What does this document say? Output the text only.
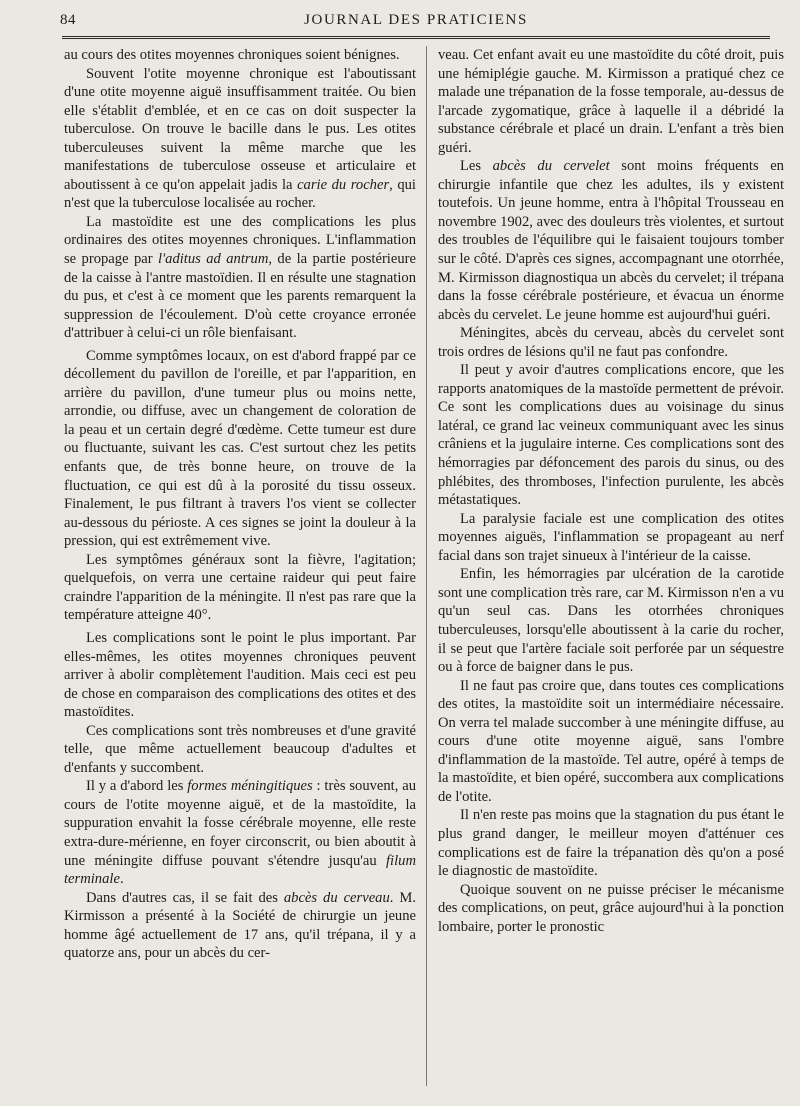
84	JOURNAL DES PRATICIENS

au cours des otites moyennes chroniques soient bénignes.

Souvent l'otite moyenne chronique est l'aboutissant d'une otite moyenne aiguë insuffisamment traitée. Ou bien elle s'établit d'emblée, et en ce cas on doit suspecter la tuberculose. On trouve le bacille dans le pus. Les otites tuberculeuses suivent la même marche que les manifestations de tuberculose osseuse et articulaire et aboutissent à ce qu'on appelait jadis la carie du rocher, qui n'est que la tuberculose localisée au rocher.

La mastoïdite est une des complications les plus ordinaires des otites moyennes chroniques. L'inflammation se propage par l'aditus ad antrum, de la partie postérieure de la caisse à l'antre mastoïdien. Il en résulte une stagnation du pus, et c'est à ce moment que les parents remarquent la suppression de l'écoulement. D'où cette croyance erronée d'attribuer à celui-ci un rôle bienfaisant.

Comme symptômes locaux, on est d'abord frappé par ce décollement du pavillon de l'oreille, et par l'apparition, en arrière du pavillon, d'une tumeur plus ou moins nette, arrondie, ou diffuse, avec un changement de coloration de la peau et un certain degré d'œdème. Cette tumeur est dure ou fluctuante, suivant les cas. C'est surtout chez les petits enfants que, de très bonne heure, on trouve de la fluctuation, ce qui est dû à la porosité du tissu osseux. Finalement, le pus filtrant à travers l'os vient se collecter au-dessous du périoste. A ces signes se joint la douleur à la pression, qui est extrêmement vive.

Les symptômes généraux sont la fièvre, l'agitation; quelquefois, on verra une certaine raideur qui peut faire craindre l'apparition de la méningite. Il n'est pas rare que la température atteigne 40°.

Les complications sont le point le plus important. Par elles-mêmes, les otites moyennes chroniques peuvent arriver à abolir complètement l'audition. Mais ceci est peu de chose en comparaison des complications des otites et des mastoïdites.

Ces complications sont très nombreuses et d'une gravité telle, que même actuellement beaucoup d'adultes et d'enfants y succombent.

Il y a d'abord les formes méningitiques : très souvent, au cours de l'otite moyenne aiguë, et de la mastoïdite, la suppuration envahit la fosse cérébrale moyenne, elle reste extra-dure-mérienne, en foyer circonscrit, ou bien aboutit à une méningite diffuse pouvant s'étendre jusqu'au filum terminale.

Dans d'autres cas, il se fait des abcès du cerveau. M. Kirmisson a présenté à la Société de chirurgie un jeune homme âgé actuellement de 17 ans, qu'il trépana, il y a quatorze ans, pour un abcès du cer-

veau. Cet enfant avait eu une mastoïdite du côté droit, puis une hémiplégie gauche. M. Kirmisson a pratiqué chez ce malade une trépanation de la fosse temporale, au-dessus de l'arcade zygomatique, grâce à laquelle il a débridé la substance cérébrale et placé un drain. L'enfant a très bien guéri.

Les abcès du cervelet sont moins fréquents en chirurgie infantile que chez les adultes, ils y existent toutefois. Un jeune homme, entra à l'hôpital Trousseau en novembre 1902, avec des douleurs très violentes, et surtout des troubles de l'équilibre qui le faisaient toujours tomber sur le côté. D'après ces signes, accompagnant une otorrhée, M. Kirmisson diagnostiqua un abcès du cervelet; il trépana dans la fosse cérébrale postérieure, et évacua un énorme abcès du cervelet. Le jeune homme est aujourd'hui guéri.

Méningites, abcès du cerveau, abcès du cervelet sont trois ordres de lésions qu'il ne faut pas confondre.

Il peut y avoir d'autres complications encore, que les rapports anatomiques de la mastoïde permettent de prévoir. Ce sont les complications dues au voisinage du sinus latéral, ce grand lac veineux communiquant avec les sinus crâniens et la jugulaire interne. Ces complications sont des hémorragies par défoncement des parois du sinus, ou des phlébites, des thromboses, l'infection purulente, les abcès métastatiques.

La paralysie faciale est une complication des otites moyennes aiguës, l'inflammation se propageant au nerf facial dans son trajet sinueux à l'intérieur de la caisse.

Enfin, les hémorragies par ulcération de la carotide sont une complication très rare, car M. Kirmisson n'en a vu qu'un seul cas. Dans les otorrhées chroniques tuberculeuses, lorsqu'elle aboutissent à la carie du rocher, il se peut que l'artère faciale soit perforée par un séquestre ou à force de baigner dans le pus.

Il ne faut pas croire que, dans toutes ces complications des otites, la mastoïdite soit un intermédiaire nécessaire. On verra tel malade succomber à une méningite diffuse, au cours d'une otite moyenne aiguë, sans l'ombre d'inflammation de la mastoïde. Tel autre, opéré à temps de la mastoïdite, et bien opéré, succombera aux complications de l'otite.

Il n'en reste pas moins que la stagnation du pus étant le plus grand danger, le meilleur moyen d'atténuer ces complications est de faire la trépanation dès qu'on a posé le diagnostic de mastoïdite.

Quoique souvent on ne puisse préciser le mécanisme des complications, on peut, grâce aujourd'hui à la ponction lombaire, porter le pronostic
